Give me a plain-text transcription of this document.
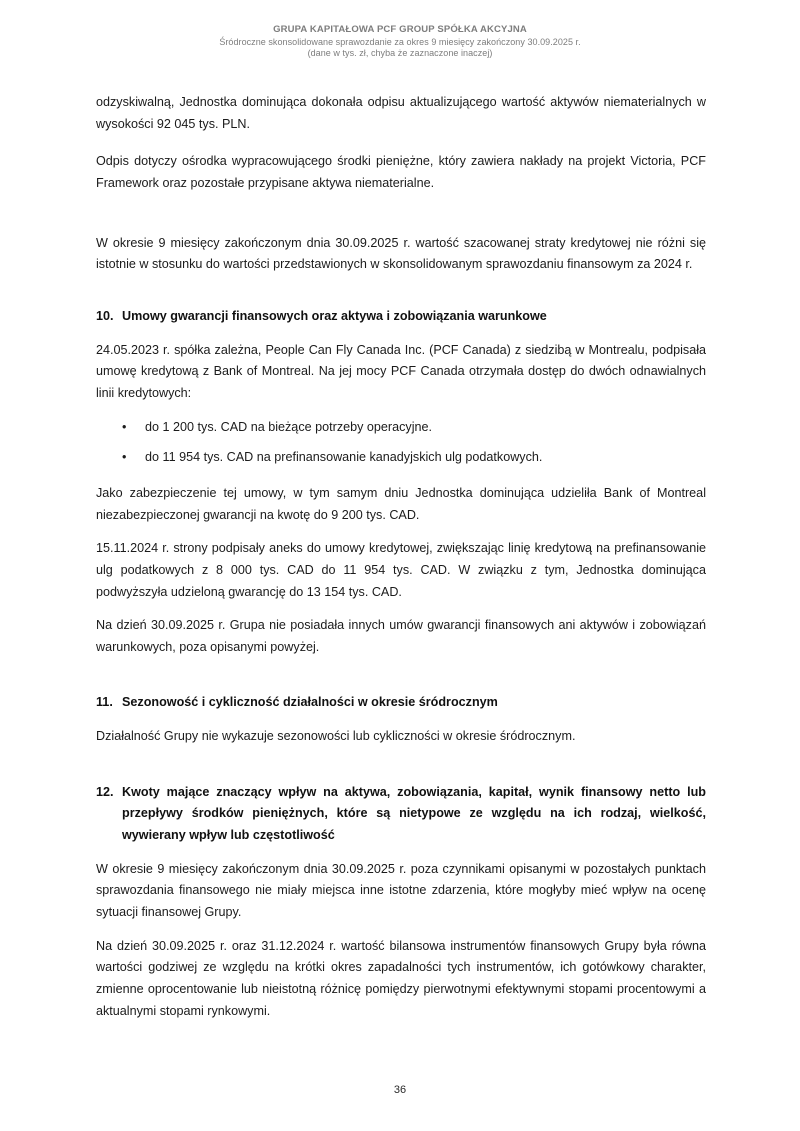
GRUPA KAPITAŁOWA PCF GROUP SPÓŁKA AKCYJNA
Śródroczne skonsolidowane sprawozdanie za okres 9 miesięcy zakończony 30.09.2025 r.
(dane w tys. zł, chyba że zaznaczone inaczej)

odzyskiwalną, Jednostka dominująca dokonała odpisu aktualizującego wartość aktywów niematerialnych w wysokości 92 045 tys. PLN.

Odpis dotyczy ośrodka wypracowującego środki pieniężne, który zawiera nakłady na projekt Victoria, PCF Framework oraz pozostałe przypisane aktywa niematerialne.

W okresie 9 miesięcy zakończonym dnia 30.09.2025 r. wartość szacowanej straty kredytowej nie różni się istotnie w stosunku do wartości przedstawionych w skonsolidowanym sprawozdaniu finansowym za 2024 r.

10. Umowy gwarancji finansowych oraz aktywa i zobowiązania warunkowe

24.05.2023 r. spółka zależna, People Can Fly Canada Inc. (PCF Canada) z siedzibą w Montrealu, podpisała umowę kredytową z Bank of Montreal. Na jej mocy PCF Canada otrzymała dostęp do dwóch odnawialnych linii kredytowych:

• do 1 200 tys. CAD na bieżące potrzeby operacyjne.
• do 11 954 tys. CAD na prefinansowanie kanadyjskich ulg podatkowych.

Jako zabezpieczenie tej umowy, w tym samym dniu Jednostka dominująca udzieliła Bank of Montreal niezabezpieczonej gwarancji na kwotę do 9 200 tys. CAD.

15.11.2024 r. strony podpisały aneks do umowy kredytowej, zwiększając linię kredytową na prefinansowanie ulg podatkowych z 8 000 tys. CAD do 11 954 tys. CAD. W związku z tym, Jednostka dominująca podwyższyła udzieloną gwarancję do 13 154 tys. CAD.

Na dzień 30.09.2025 r. Grupa nie posiadała innych umów gwarancji finansowych ani aktywów i zobowiązań warunkowych, poza opisanymi powyżej.

11. Sezonowość i cykliczność działalności w okresie śródrocznym

Działalność Grupy nie wykazuje sezonowości lub cykliczności w okresie śródrocznym.

12. Kwoty mające znaczący wpływ na aktywa, zobowiązania, kapitał, wynik finansowy netto lub przepływy środków pieniężnych, które są nietypowe ze względu na ich rodzaj, wielkość, wywierany wpływ lub częstotliwość

W okresie 9 miesięcy zakończonym dnia 30.09.2025 r. poza czynnikami opisanymi w pozostałych punktach sprawozdania finansowego nie miały miejsca inne istotne zdarzenia, które mogłyby mieć wpływ na ocenę sytuacji finansowej Grupy.

Na dzień 30.09.2025 r. oraz 31.12.2024 r. wartość bilansowa instrumentów finansowych Grupy była równa wartości godziwej ze względu na krótki okres zapadalności tych instrumentów, ich gotówkowy charakter, zmienne oprocentowanie lub nieistotną różnicę pomiędzy pierwotnymi efektywnymi stopami procentowymi a aktualnymi stopami rynkowymi.

36
